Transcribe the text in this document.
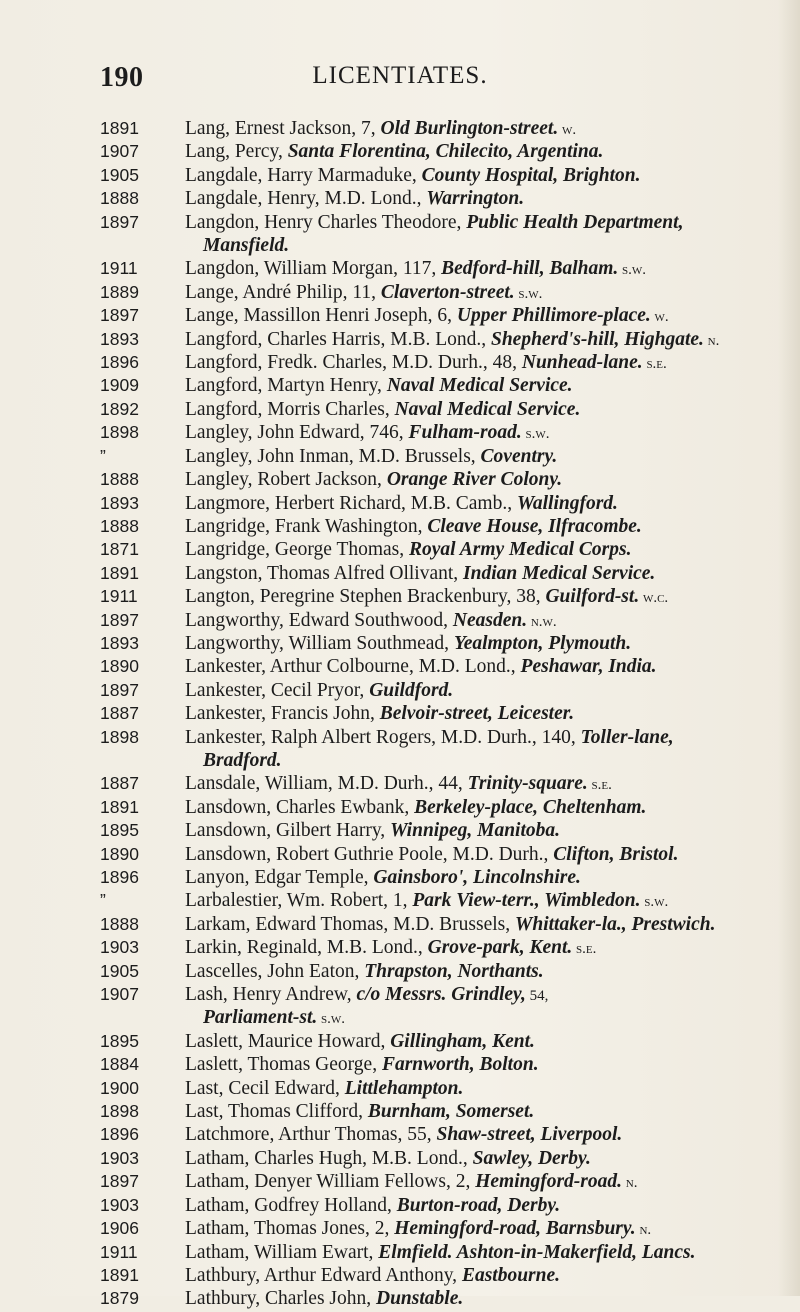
190	LICENTIATES.
1891	Lang, Ernest Jackson, 7, Old Burlington-street. w.
1907	Lang, Percy, Santa Florentina, Chilecito, Argentina.
1905	Langdale, Harry Marmaduke, County Hospital, Brighton.
1888	Langdale, Henry, M.D. Lond., Warrington.
1897	Langdon, Henry Charles Theodore, Public Health Department,
Mansfield.
1911	Langdon, William Morgan, 117, Bedford-hill, Balham. s.w.
1889	Lange, André Philip, 11, Claverton-street. s.w.
1897	Lange, Massillon Henri Joseph, 6, Upper Phillimore-place. w.
1893	Langford, Charles Harris, M.B. Lond., Shepherd's-hill, Highgate. n.
1896	Langford, Fredk. Charles, M.D. Durh., 48, Nunhead-lane. s.e.
1909	Langford, Martyn Henry, Naval Medical Service.
1892	Langford, Morris Charles, Naval Medical Service.
1898	Langley, John Edward, 746, Fulham-road. s.w.
”	Langley, John Inman, M.D. Brussels, Coventry.
1888	Langley, Robert Jackson, Orange River Colony.
1893	Langmore, Herbert Richard, M.B. Camb., Wallingford.
1888	Langridge, Frank Washington, Cleave House, Ilfracombe.
1871	Langridge, George Thomas, Royal Army Medical Corps.
1891	Langston, Thomas Alfred Ollivant, Indian Medical Service.
1911	Langton, Peregrine Stephen Brackenbury, 38, Guilford-st. w.c.
1897	Langworthy, Edward Southwood, Neasden. n.w.
1893	Langworthy, William Southmead, Yealmpton, Plymouth.
1890	Lankester, Arthur Colbourne, M.D. Lond., Peshawar, India.
1897	Lankester, Cecil Pryor, Guildford.
1887	Lankester, Francis John, Belvoir-street, Leicester.
1898	Lankester, Ralph Albert Rogers, M.D. Durh., 140, Toller-lane,
Bradford.
1887	Lansdale, William, M.D. Durh., 44, Trinity-square. s.e.
1891	Lansdown, Charles Ewbank, Berkeley-place, Cheltenham.
1895	Lansdown, Gilbert Harry, Winnipeg, Manitoba.
1890	Lansdown, Robert Guthrie Poole, M.D. Durh., Clifton, Bristol.
1896	Lanyon, Edgar Temple, Gainsboro', Lincolnshire.
”	Larbalestier, Wm. Robert, 1, Park View-terr., Wimbledon. s.w.
1888	Larkam, Edward Thomas, M.D. Brussels, Whittaker-la., Prestwich.
1903	Larkin, Reginald, M.B. Lond., Grove-park, Kent. s.e.
1905	Lascelles, John Eaton, Thrapston, Northants.
1907	Lash, Henry Andrew, c/o Messrs. Grindley, 54,
Parliament-st. s.w.
1895	Laslett, Maurice Howard, Gillingham, Kent.
1884	Laslett, Thomas George, Farnworth, Bolton.
1900	Last, Cecil Edward, Littlehampton.
1898	Last, Thomas Clifford, Burnham, Somerset.
1896	Latchmore, Arthur Thomas, 55, Shaw-street, Liverpool.
1903	Latham, Charles Hugh, M.B. Lond., Sawley, Derby.
1897	Latham, Denyer William Fellows, 2, Hemingford-road. n.
1903	Latham, Godfrey Holland, Burton-road, Derby.
1906	Latham, Thomas Jones, 2, Hemingford-road, Barnsbury. n.
1911	Latham, William Ewart, Elmfield. Ashton-in-Makerfield, Lancs.
1891	Lathbury, Arthur Edward Anthony, Eastbourne.
1879	Lathbury, Charles John, Dunstable.
